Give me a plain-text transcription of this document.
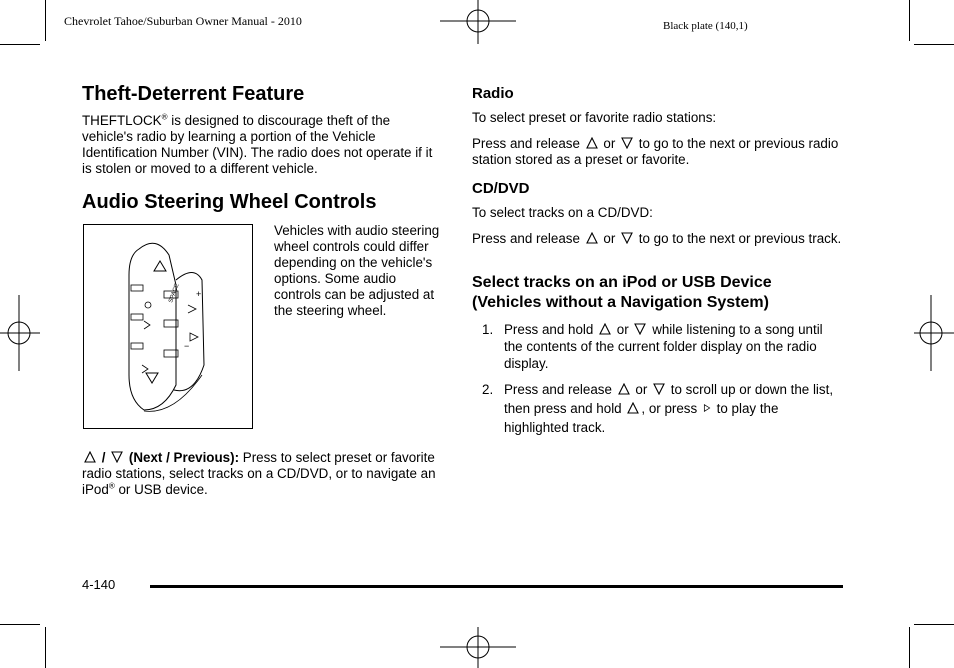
Chevrolet Tahoe/Suburban Owner Manual - 2010	Black plate (140,1)
Theft-Deterrent Feature
THEFTLOCK® is designed to discourage theft of the vehicle's radio by learning a portion of the Vehicle Identification Number (VIN). The radio does not operate if it is stolen or moved to a different vehicle.
Audio Steering Wheel Controls
SPACE +
−
Vehicles with audio steering wheel controls could differ depending on the vehicle's options. Some audio controls can be adjusted at the steering wheel.
/  (Next / Previous): Press to select preset or favorite radio stations, select tracks on a CD/DVD, or to navigate an iPod® or USB device.
Radio
To select preset or favorite radio stations:
Press and release or to go to the next or previous radio station stored as a preset or favorite.
CD/DVD
To select tracks on a CD/DVD:
Press and release or to go to the next or previous track.
Select tracks on an iPod or USB Device
(Vehicles without a Navigation System)
1. Press and hold or while listening to a song until the contents of the current folder display on the radio display.
2. Press and release or to scroll up or down the list, then press and hold , or press to play the highlighted track.
4-140
